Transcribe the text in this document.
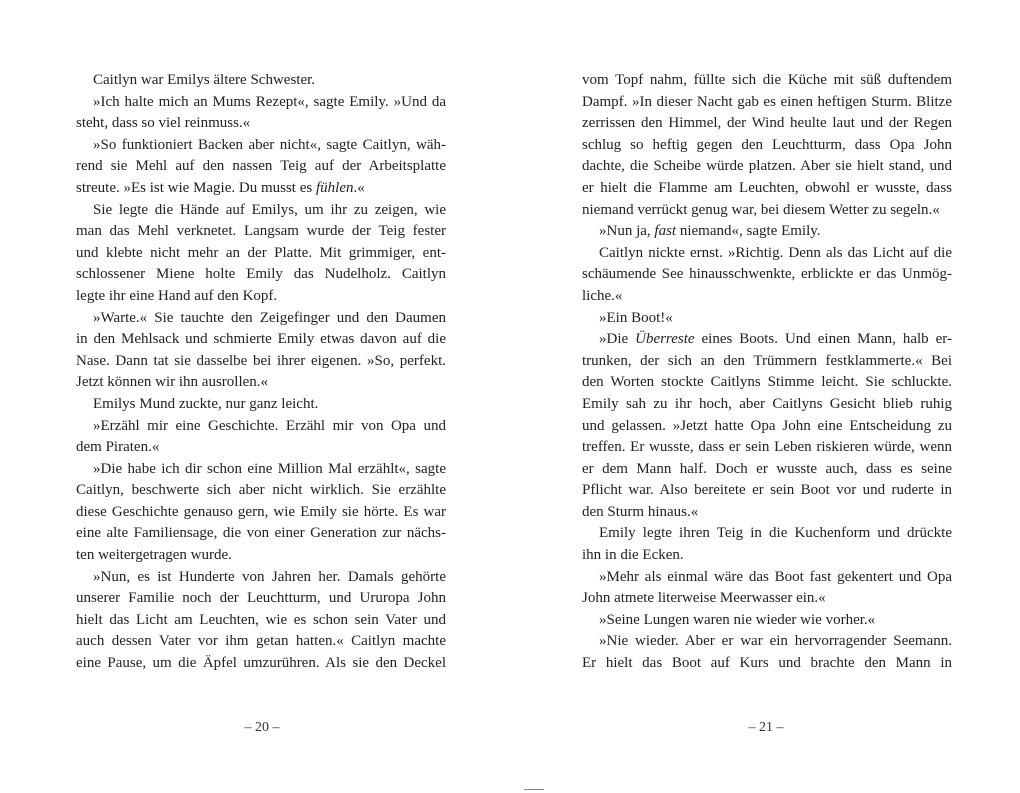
Caitlyn war Emilys ältere Schwester.
»Ich halte mich an Mums Rezept«, sagte Emily. »Und da
steht, dass so viel reinmuss.«
»So funktioniert Backen aber nicht«, sagte Caitlyn, wäh-
rend sie Mehl auf den nassen Teig auf der Arbeitsplatte
streute. »Es ist wie Magie. Du musst es fühlen.«
Sie legte die Hände auf Emilys, um ihr zu zeigen, wie
man das Mehl verknetet. Langsam wurde der Teig fester
und klebte nicht mehr an der Platte. Mit grimmiger, ent-
schlossener Miene holte Emily das Nudelholz. Caitlyn
legte ihr eine Hand auf den Kopf.
»Warte.« Sie tauchte den Zeigefinger und den Daumen
in den Mehlsack und schmierte Emily etwas davon auf die
Nase. Dann tat sie dasselbe bei ihrer eigenen. »So, perfekt.
Jetzt können wir ihn ausrollen.«
Emilys Mund zuckte, nur ganz leicht.
»Erzähl mir eine Geschichte. Erzähl mir von Opa und
dem Piraten.«
»Die habe ich dir schon eine Million Mal erzählt«, sagte
Caitlyn, beschwerte sich aber nicht wirklich. Sie erzählte
diese Geschichte genauso gern, wie Emily sie hörte. Es war
eine alte Familiensage, die von einer Generation zur nächs-
ten weitergetragen wurde.
»Nun, es ist Hunderte von Jahren her. Damals gehörte
unserer Familie noch der Leuchtturm, und Ururopa John
hielt das Licht am Leuchten, wie es schon sein Vater und
auch dessen Vater vor ihm getan hatten.« Caitlyn machte
eine Pause, um die Äpfel umzurühren. Als sie den Deckel
vom Topf nahm, füllte sich die Küche mit süß duftendem
Dampf. »In dieser Nacht gab es einen heftigen Sturm. Blitze
zerrissen den Himmel, der Wind heulte laut und der Regen
schlug so heftig gegen den Leuchtturm, dass Opa John
dachte, die Scheibe würde platzen. Aber sie hielt stand, und
er hielt die Flamme am Leuchten, obwohl er wusste, dass
niemand verrückt genug war, bei diesem Wetter zu segeln.«
»Nun ja, fast niemand«, sagte Emily.
Caitlyn nickte ernst. »Richtig. Denn als das Licht auf die
schäumende See hinausschwenkte, erblickte er das Unmög-
liche.«
»Ein Boot!«
»Die Überreste eines Boots. Und einen Mann, halb er-
trunken, der sich an den Trümmern festklammerte.« Bei
den Worten stockte Caitlyns Stimme leicht. Sie schluckte.
Emily sah zu ihr hoch, aber Caitlyns Gesicht blieb ruhig
und gelassen. »Jetzt hatte Opa John eine Entscheidung zu
treffen. Er wusste, dass er sein Leben riskieren würde, wenn
er dem Mann half. Doch er wusste auch, dass es seine
Pflicht war. Also bereitete er sein Boot vor und ruderte in
den Sturm hinaus.«
Emily legte ihren Teig in die Kuchenform und drückte
ihn in die Ecken.
»Mehr als einmal wäre das Boot fast gekentert und Opa
John atmete literweise Meerwasser ein.«
»Seine Lungen waren nie wieder wie vorher.«
»Nie wieder. Aber er war ein hervorragender Seemann.
Er hielt das Boot auf Kurs und brachte den Mann in
– 20 –	– 21 –
